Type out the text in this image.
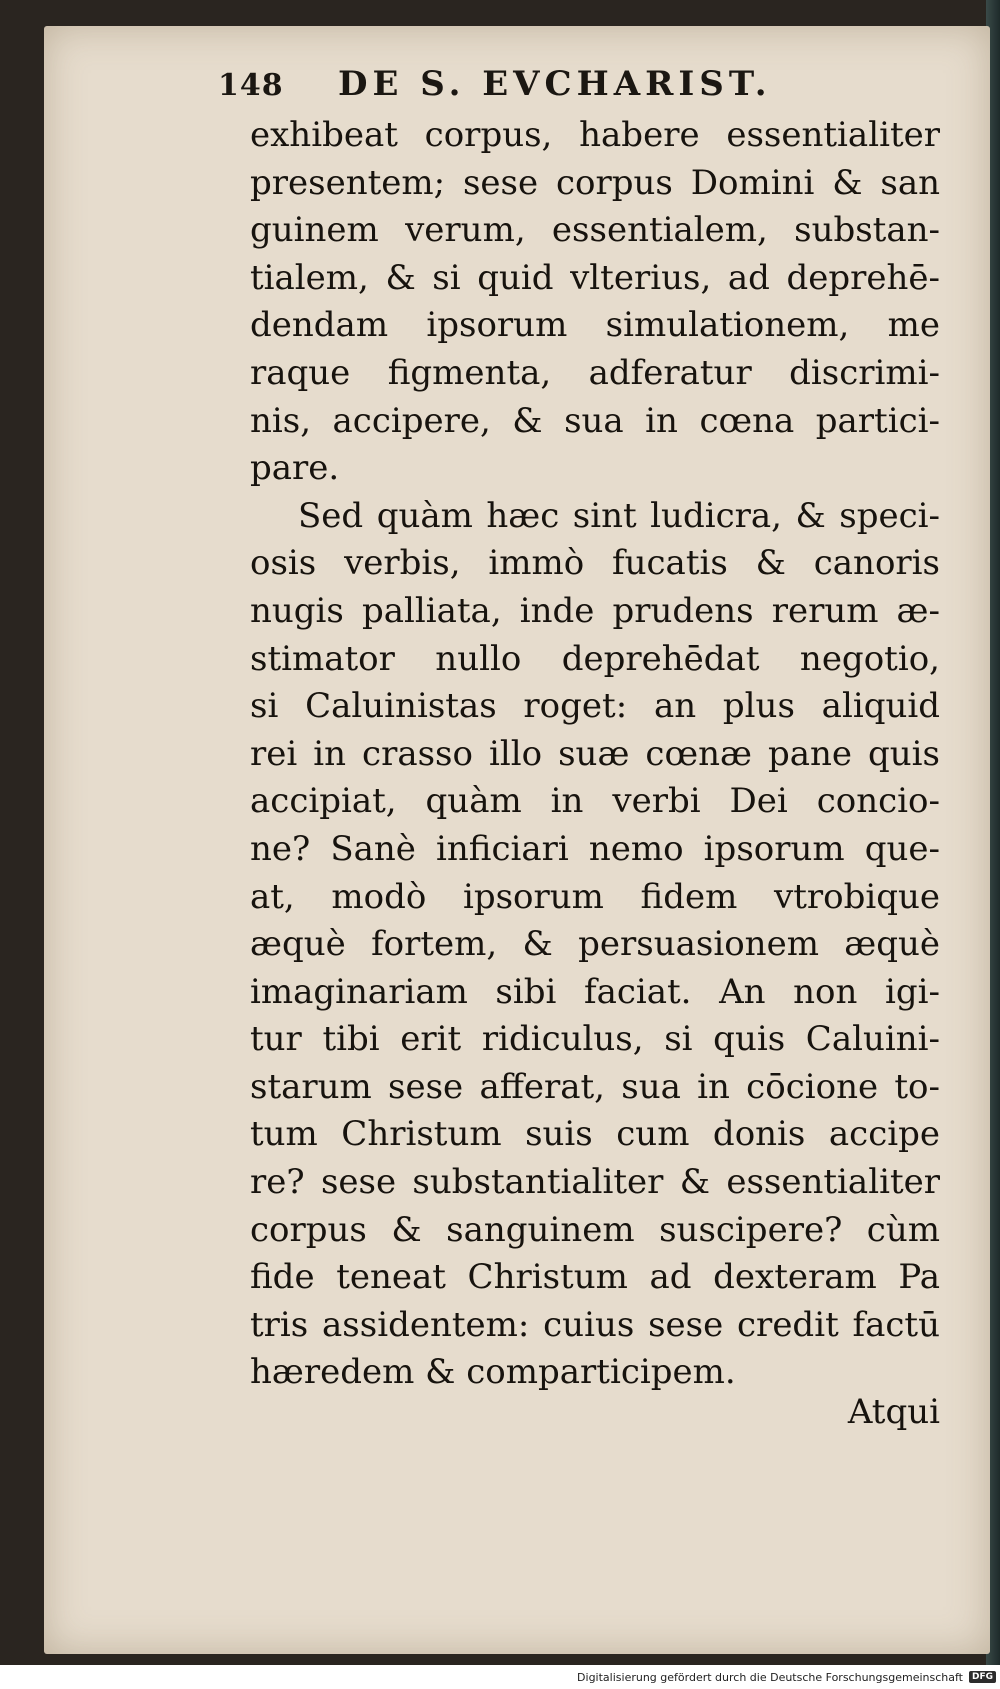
148	DE S. EVCHARIST.
exhibeat corpus, habere essentialiter
presentem; sese corpus Domini & san
guinem verum, essentialem, substan-
tialem, & si quid vlterius, ad deprehē-
dendam ipsorum simulationem, me
raque figmenta, adferatur discrimi-
nis, accipere, & sua in cœna partici-
pare.
Sed quàm hæc sint ludicra, & speci-
osis verbis, immò fucatis & canoris
nugis palliata, inde prudens rerum æ-
stimator nullo deprehēdat negotio,
si Caluinistas roget: an plus aliquid
rei in crasso illo suæ cœnæ pane quis
accipiat, quàm in verbi Dei concio-
ne? Sanè inficiari nemo ipsorum que-
at, modò ipsorum fidem vtrobique
æquè fortem, & persuasionem æquè
imaginariam sibi faciat. An non igi-
tur tibi erit ridiculus, si quis Caluini-
starum sese afferat, sua in cōcione to-
tum Christum suis cum donis accipe
re? sese substantialiter & essentialiter
corpus & sanguinem suscipere? cùm
fide teneat Christum ad dexteram Pa
tris assidentem: cuius sese credit factū
hæredem & comparticipem.
Atqui
Digitalisierung gefördert durch die Deutsche Forschungsgemeinschaft	DFG
